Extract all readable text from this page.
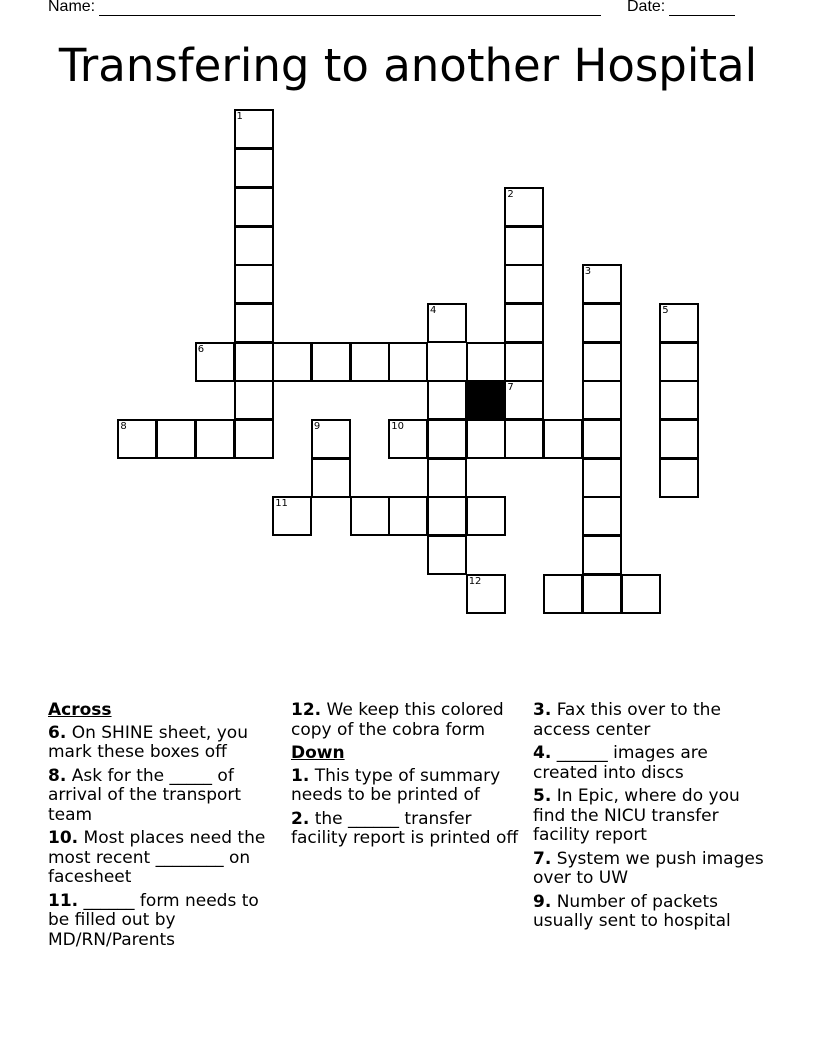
Name:	Date:
Transfering to another Hospital
1
2
3
4	5
6
8	9	10
12
7
11
Across
6. On SHINE sheet, you mark these boxes off
8. Ask for the _____ of arrival of the transport team
10. Most places need the most recent ________ on facesheet
11. ______ form needs to be filled out by MD/RN/Parents
12. We keep this colored copy of the cobra form
Down
1. This type of summary needs to be printed of
2. the ______ transfer facility report is printed off
3. Fax this over to the access center
4. ______ images are created into discs
5. In Epic, where do you find the NICU transfer facility report
7. System we push images over to UW
9. Number of packets usually sent to hospital
